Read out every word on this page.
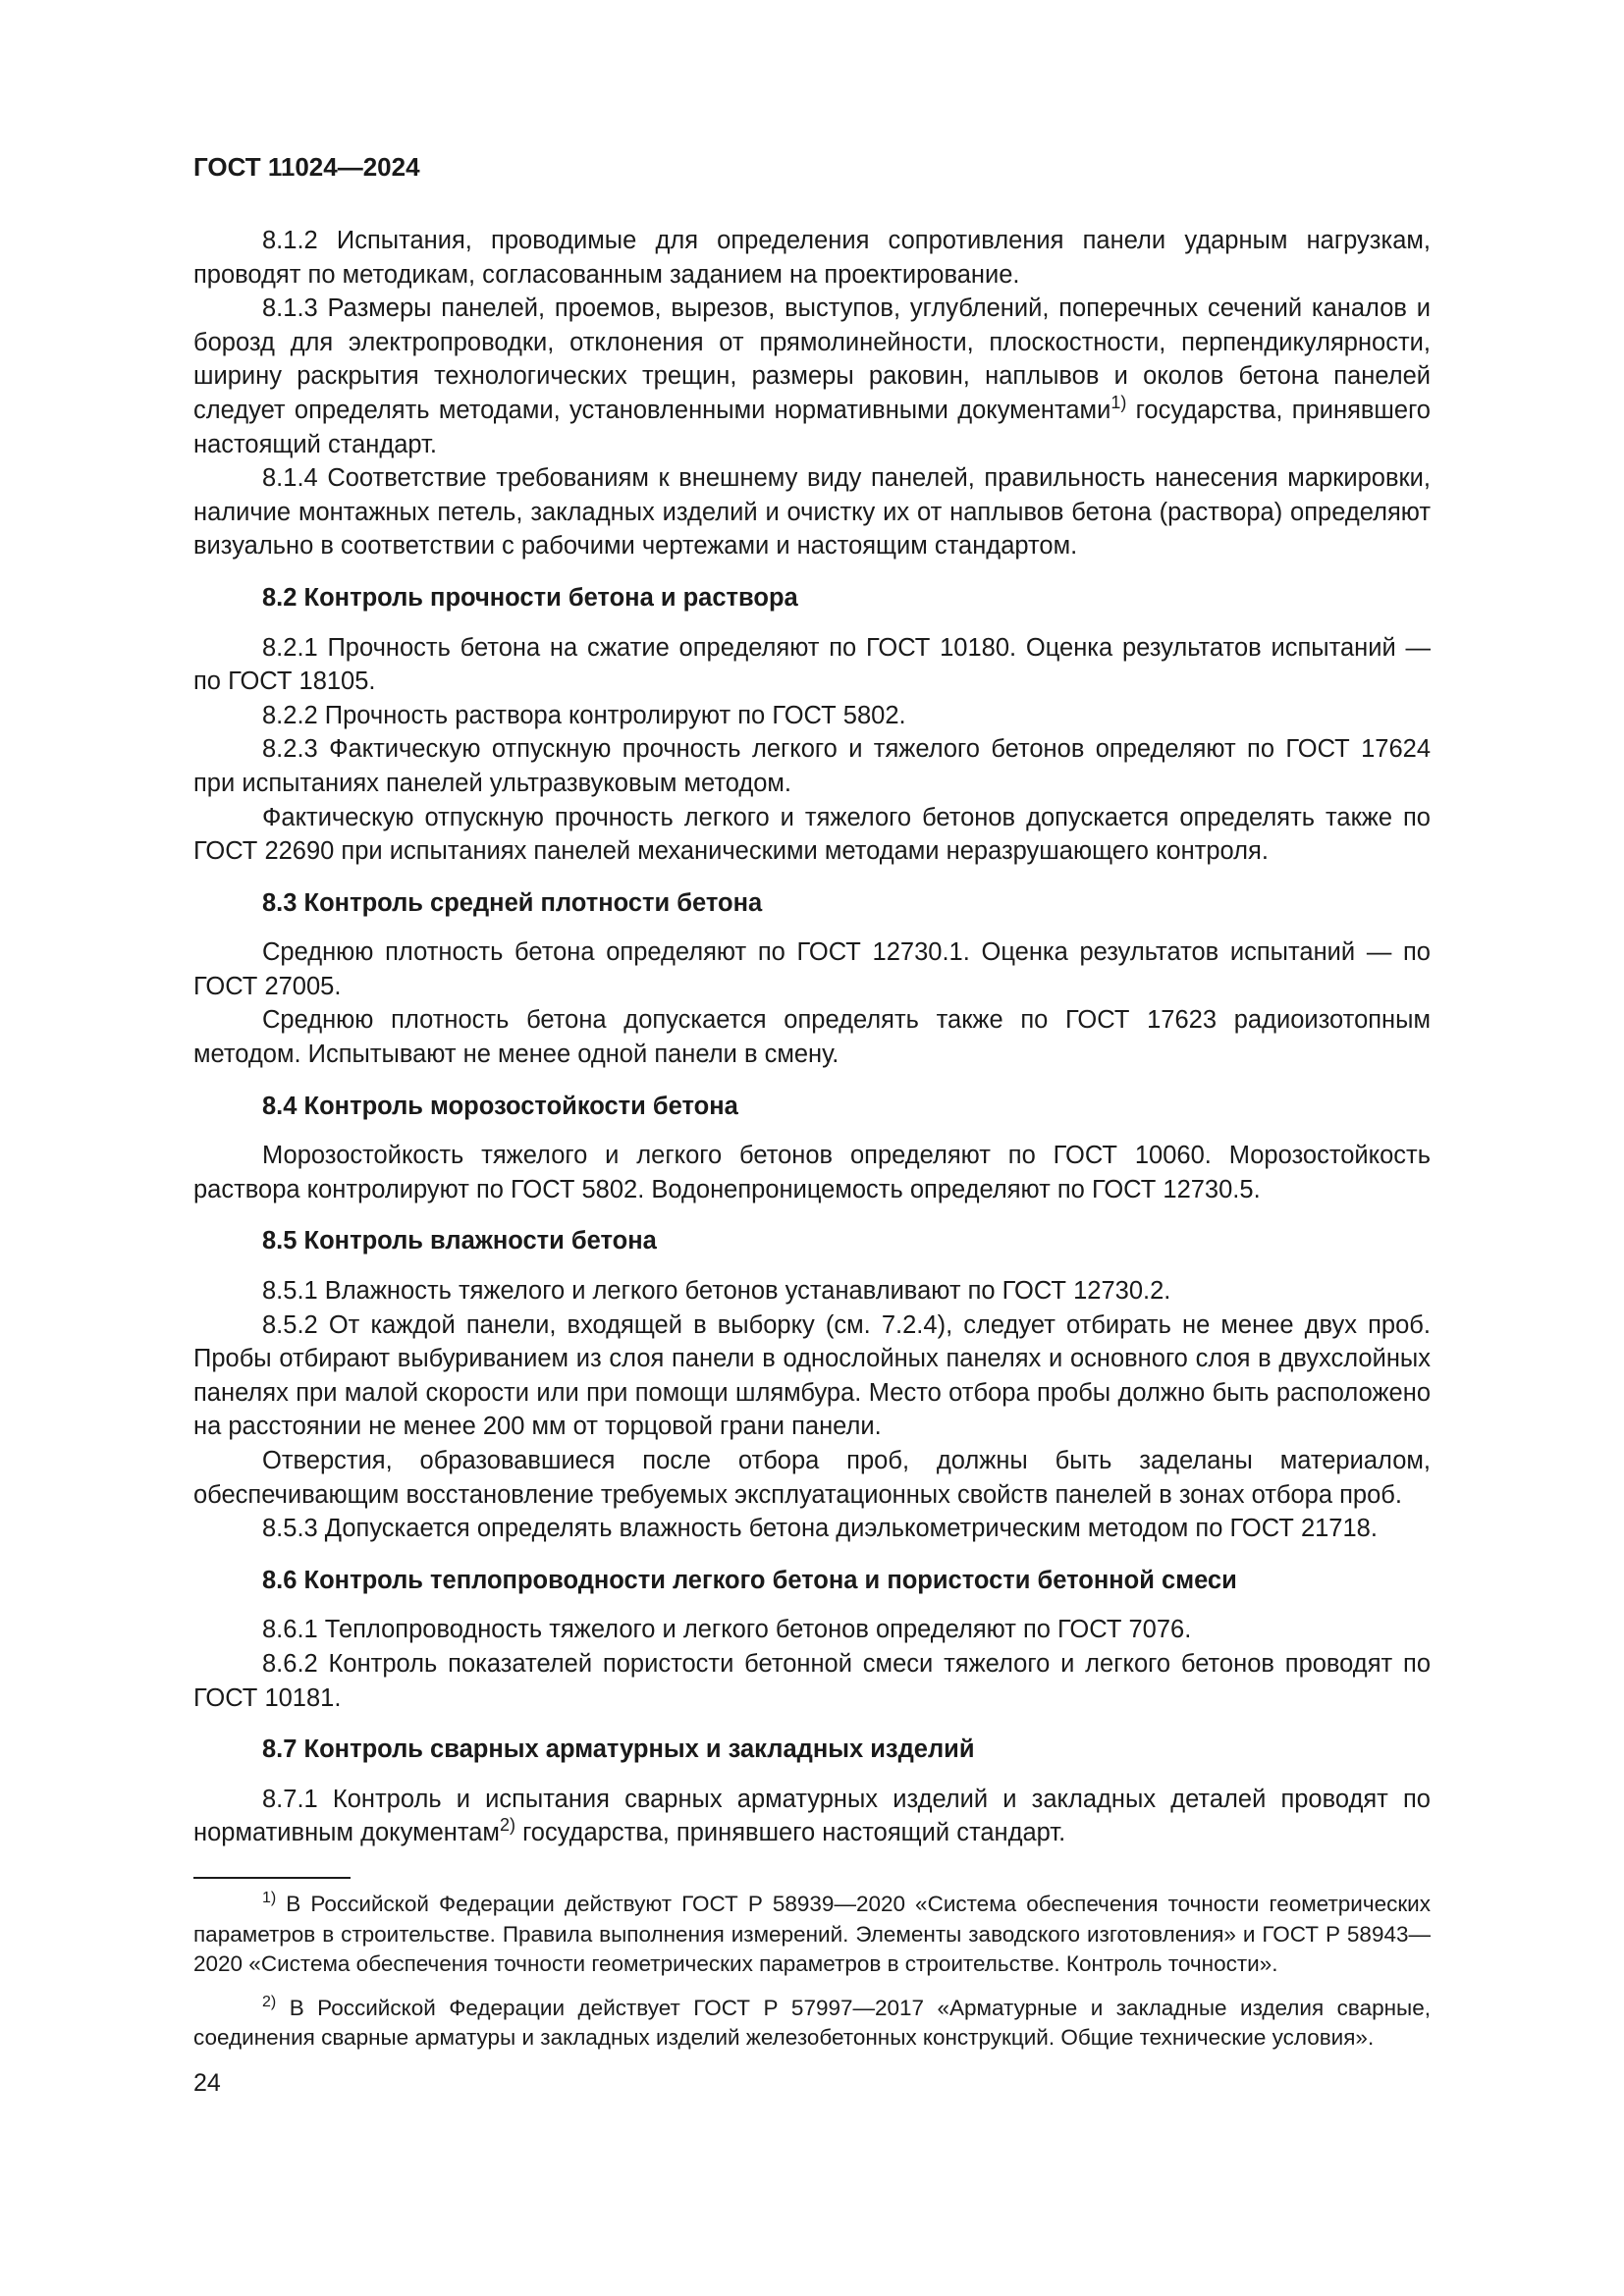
ГОСТ 11024—2024

8.1.2 Испытания, проводимые для определения сопротивления панели ударным нагрузкам, проводят по методикам, согласованным заданием на проектирование.

8.1.3 Размеры панелей, проемов, вырезов, выступов, углублений, поперечных сечений каналов и борозд для электропроводки, отклонения от прямолинейности, плоскостности, перпендикулярности, ширину раскрытия технологических трещин, размеры раковин, наплывов и околов бетона панелей следует определять методами, установленными нормативными документами$^{1)}$ государства, принявшего настоящий стандарт.

8.1.4 Соответствие требованиям к внешнему виду панелей, правильность нанесения маркировки, наличие монтажных петель, закладных изделий и очистку их от наплывов бетона (раствора) определяют визуально в соответствии с рабочими чертежами и настоящим стандартом.

8.2 Контроль прочности бетона и раствора

8.2.1 Прочность бетона на сжатие определяют по ГОСТ 10180. Оценка результатов испытаний — по ГОСТ 18105.

8.2.2 Прочность раствора контролируют по ГОСТ 5802.

8.2.3 Фактическую отпускную прочность легкого и тяжелого бетонов определяют по ГОСТ 17624 при испытаниях панелей ультразвуковым методом.

Фактическую отпускную прочность легкого и тяжелого бетонов допускается определять также по ГОСТ 22690 при испытаниях панелей механическими методами неразрушающего контроля.

8.3 Контроль средней плотности бетона

Среднюю плотность бетона определяют по ГОСТ 12730.1. Оценка результатов испытаний — по ГОСТ 27005.

Среднюю плотность бетона допускается определять также по ГОСТ 17623 радиоизотопным методом. Испытывают не менее одной панели в смену.

8.4 Контроль морозостойкости бетона

Морозостойкость тяжелого и легкого бетонов определяют по ГОСТ 10060. Морозостойкость раствора контролируют по ГОСТ 5802. Водонепроницемость определяют по ГОСТ 12730.5.

8.5 Контроль влажности бетона

8.5.1 Влажность тяжелого и легкого бетонов устанавливают по ГОСТ 12730.2.

8.5.2 От каждой панели, входящей в выборку (см. 7.2.4), следует отбирать не менее двух проб. Пробы отбирают выбуриванием из слоя панели в однослойных панелях и основного слоя в двухслойных панелях при малой скорости или при помощи шлямбура. Место отбора пробы должно быть расположено на расстоянии не менее 200 мм от торцовой грани панели.

Отверстия, образовавшиеся после отбора проб, должны быть заделаны материалом, обеспечивающим восстановление требуемых эксплуатационных свойств панелей в зонах отбора проб.

8.5.3 Допускается определять влажность бетона диэлькометрическим методом по ГОСТ 21718.

8.6 Контроль теплопроводности легкого бетона и пористости бетонной смеси

8.6.1 Теплопроводность тяжелого и легкого бетонов определяют по ГОСТ 7076.

8.6.2 Контроль показателей пористости бетонной смеси тяжелого и легкого бетонов проводят по ГОСТ 10181.

8.7 Контроль сварных арматурных и закладных изделий

8.7.1 Контроль и испытания сварных арматурных изделий и закладных деталей проводят по нормативным документам$^{2)}$ государства, принявшего настоящий стандарт.

$^{1)}$ В Российской Федерации действуют ГОСТ Р 58939—2020 «Система обеспечения точности геометрических параметров в строительстве. Правила выполнения измерений. Элементы заводского изготовления» и ГОСТ Р 58943—2020 «Система обеспечения точности геометрических параметров в строительстве. Контроль точности».

$^{2)}$ В Российской Федерации действует ГОСТ Р 57997—2017 «Арматурные и закладные изделия сварные, соединения сварные арматуры и закладных изделий железобетонных конструкций. Общие технические условия».

24
